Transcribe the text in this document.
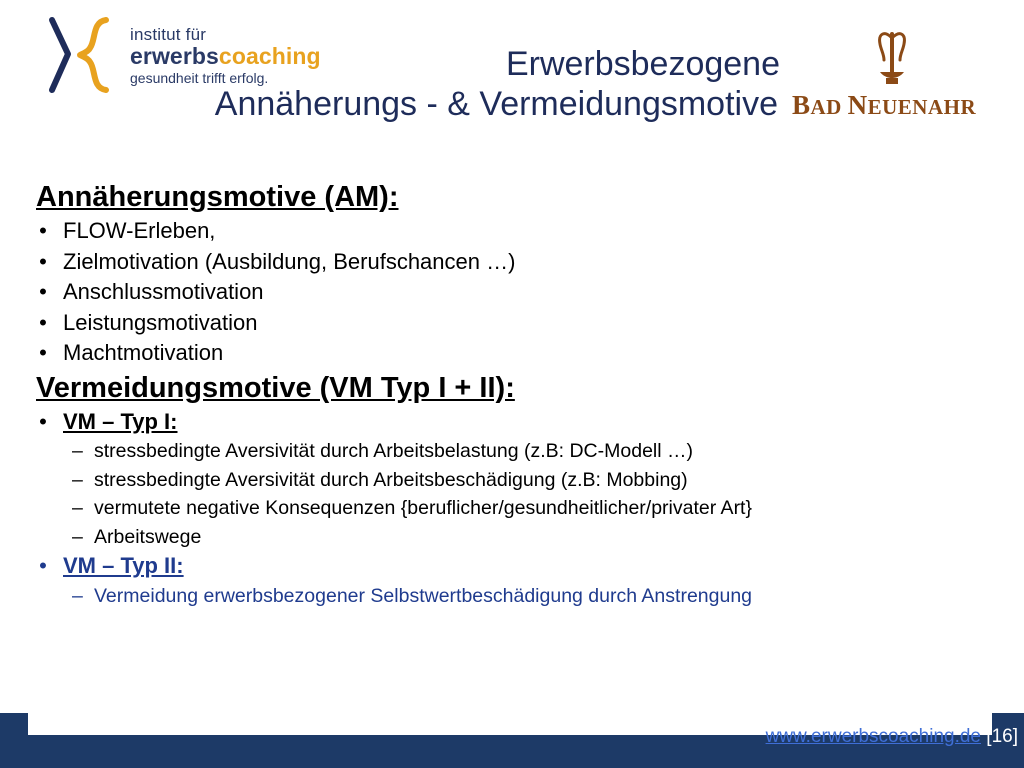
institut für
erwerbscoaching
gesundheit trifft erfolg.	Erwerbsbezogene
Annäherungs - & Vermeidungsmotive BAD NEUENAHR
Annäherungsmotive (AM):
• FLOW-Erleben,
• Zielmotivation (Ausbildung, Berufschancen …)
• Anschlussmotivation
• Leistungsmotivation
• Machtmotivation
Vermeidungsmotive (VM Typ I + II):
• VM – Typ I:
– stressbedingte Aversivität durch Arbeitsbelastung (z.B: DC-Modell …)
– stressbedingte Aversivität durch Arbeitsbeschädigung (z.B: Mobbing)
– vermutete negative Konsequenzen {beruflicher/gesundheitlicher/privater Art}
– Arbeitswege
• VM – Typ II:
– Vermeidung erwerbsbezogener Selbstwertbeschädigung durch Anstrengung
www.erwerbscoaching.de [16]
